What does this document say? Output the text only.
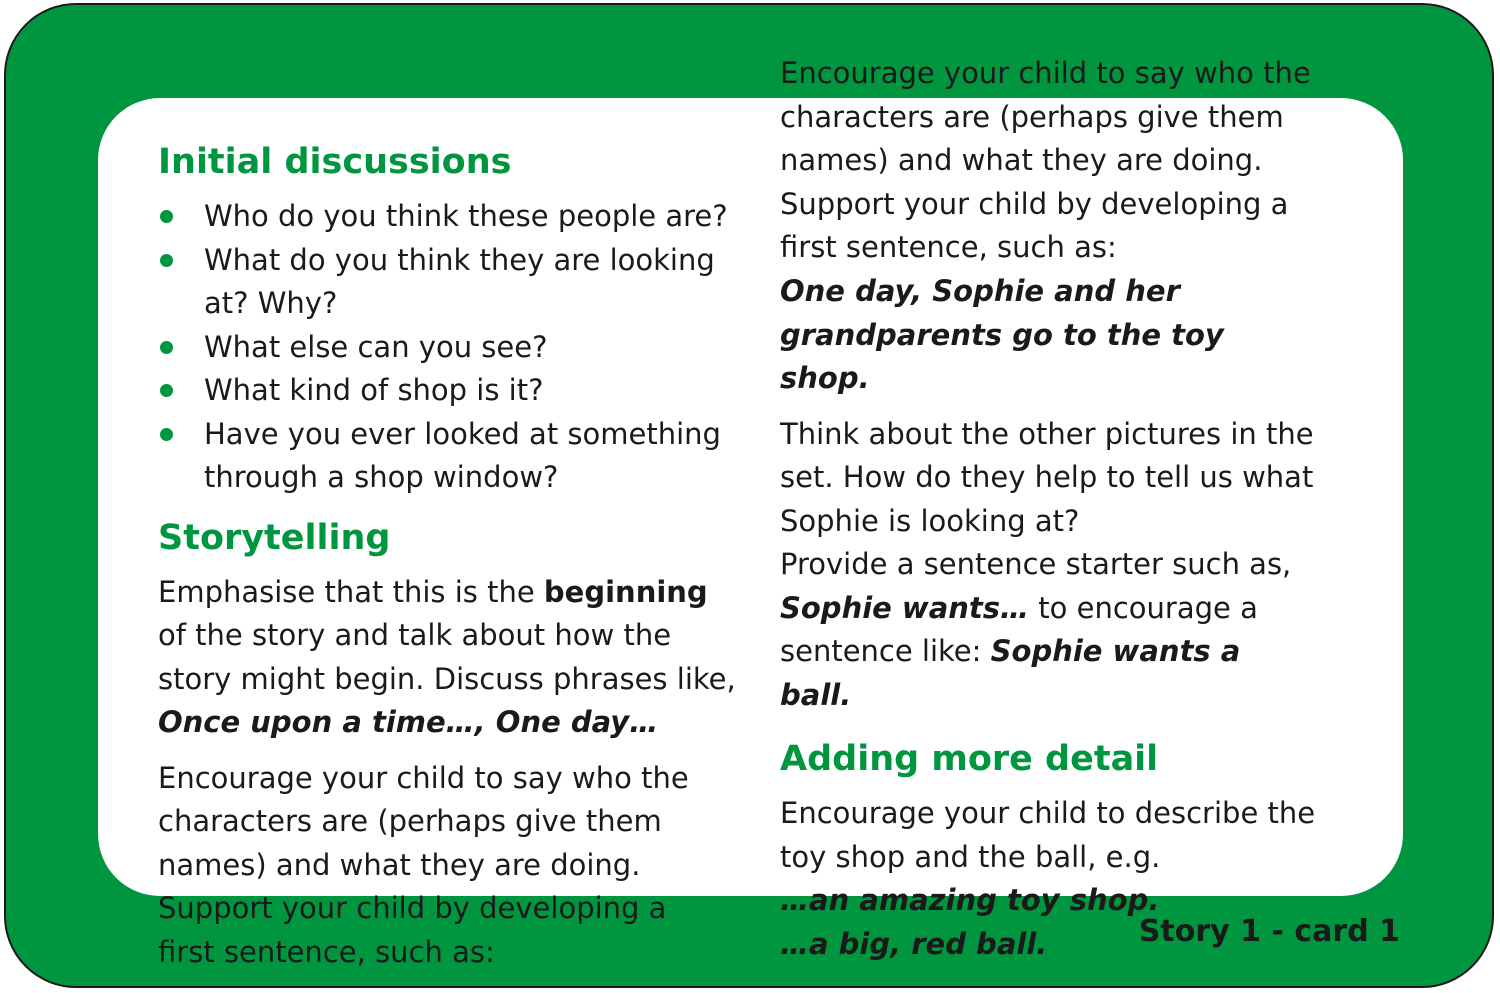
Initial discussions
Who do you think these people are?
What do you think they are looking at? Why?
What else can you see?
What kind of shop is it?
Have you ever looked at something through a shop window?
Storytelling

Emphasise that this is the beginning of the story and talk about how the story might begin. Discuss phrases like,
Once upon a time…, One day…

Encourage your child to say who the characters are (perhaps give them names) and what they are doing. Support your child by developing a first sentence, such as:

Encourage your child to say who the characters are (perhaps give them names) and what they are doing. Support your child by developing a first sentence, such as:

One day, Sophie and her grandparents go to the toy shop.

Think about the other pictures in the set. How do they help to tell us what Sophie is looking at?

Provide a sentence starter such as,
Sophie wants… to encourage a sentence like: Sophie wants a ball.

Adding more detail

Encourage your child to describe the toy shop and the ball, e.g.

…an amazing toy shop.

…a big, red ball.	Story 1 - card 1
